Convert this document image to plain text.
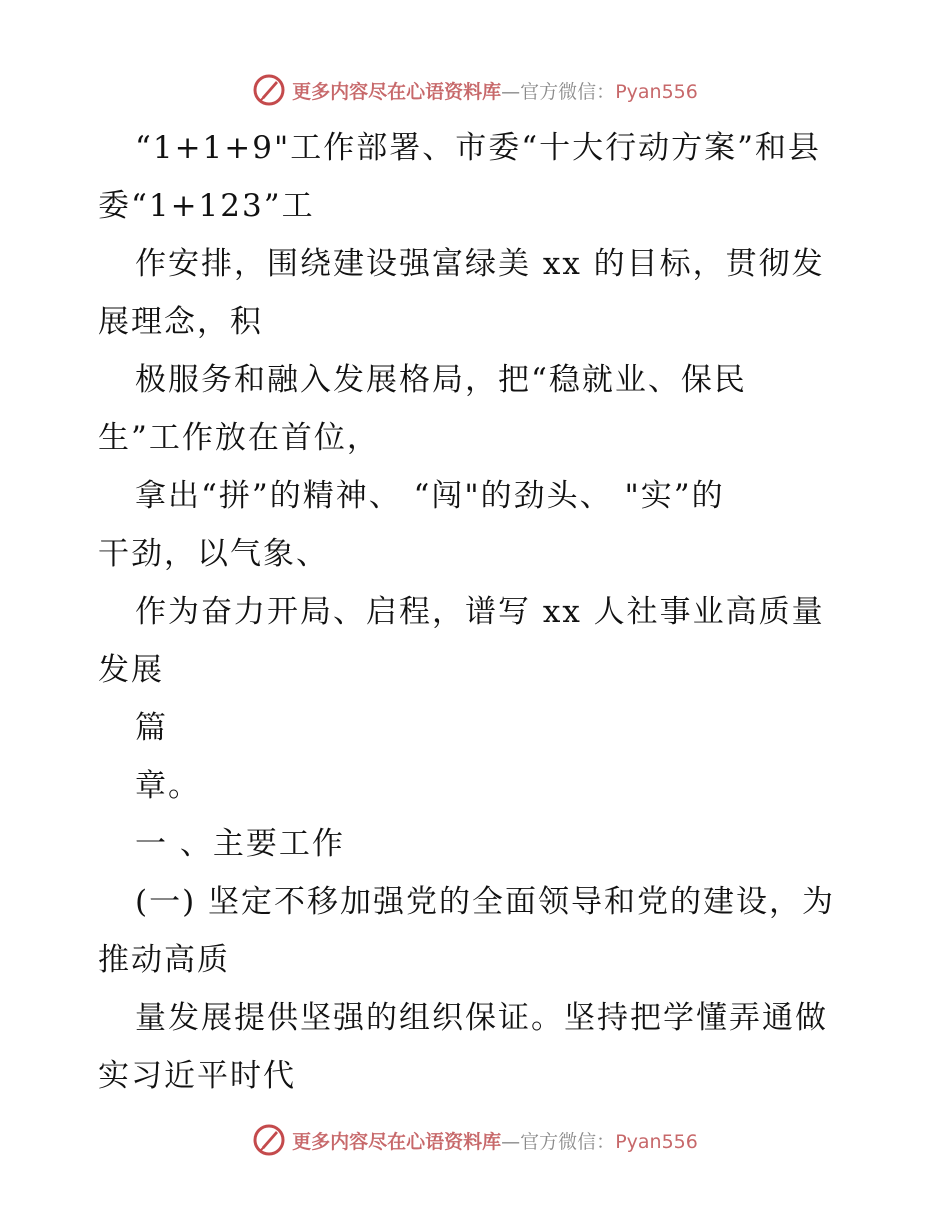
更多内容尽在心语资料库—官方微信：Pyan556
“1+1+9"工作部署、市委“十大行动方案”和县
委“1+123”工
作安排，围绕建设强富绿美 xx 的目标，贯彻发
展理念，积
极服务和融入发展格局，把“稳就业、保民
生”工作放在首位，
拿出“拼”的精神、 “闯"的劲头、 "实”的
干劲，以气象、
作为奋力开局、启程，谱写 xx 人社事业高质量
发展
篇
章。
一 、主要工作
(一) 坚定不移加强党的全面领导和党的建设，为
推动高质
量发展提供坚强的组织保证。坚持把学懂弄通做
实习近平时代
更多内容尽在心语资料库—官方微信：Pyan556
